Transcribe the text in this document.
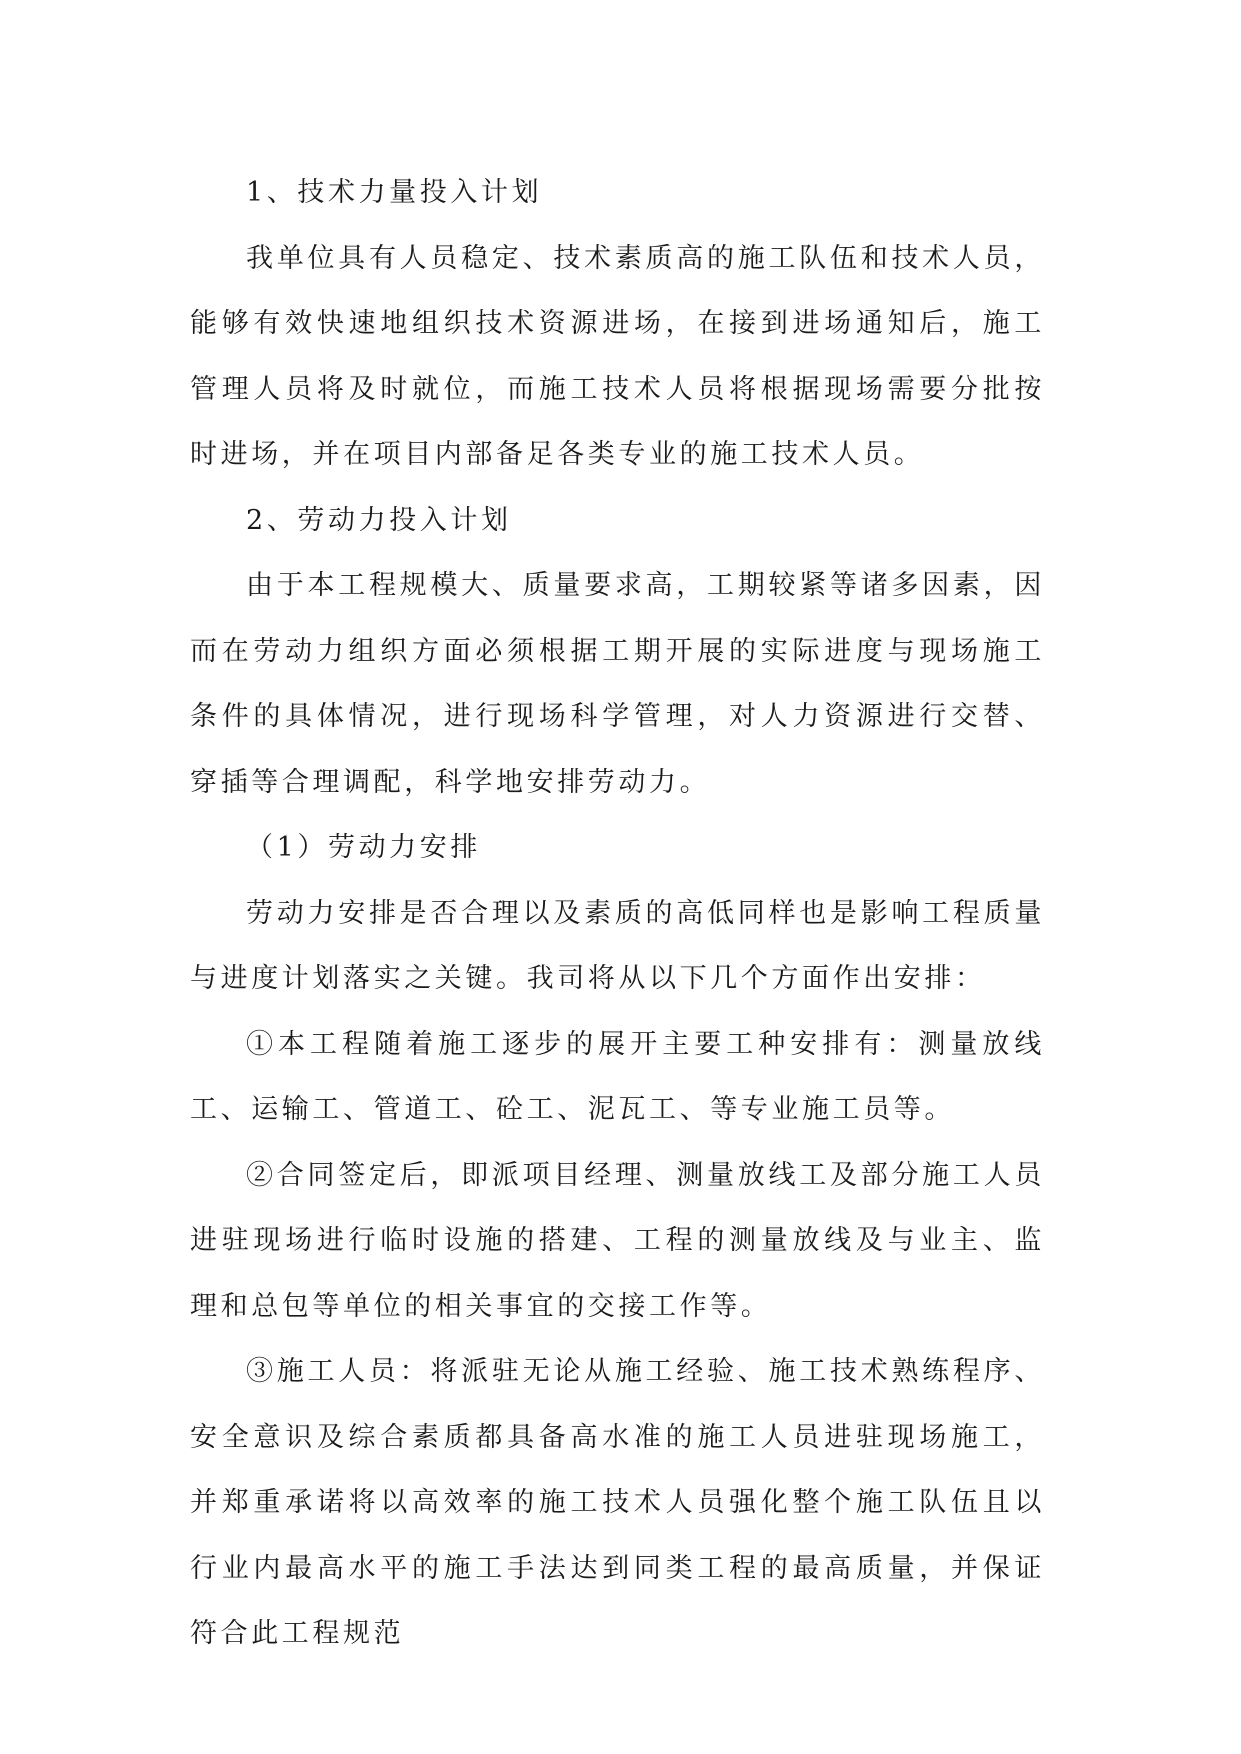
1、技术力量投入计划

我单位具有人员稳定、技术素质高的施工队伍和技术人员，能够有效快速地组织技术资源进场，在接到进场通知后，施工管理人员将及时就位，而施工技术人员将根据现场需要分批按时进场，并在项目内部备足各类专业的施工技术人员。

2、劳动力投入计划

由于本工程规模大、质量要求高，工期较紧等诸多因素，因而在劳动力组织方面必须根据工期开展的实际进度与现场施工条件的具体情况，进行现场科学管理，对人力资源进行交替、穿插等合理调配，科学地安排劳动力。

（1）劳动力安排

劳动力安排是否合理以及素质的高低同样也是影响工程质量与进度计划落实之关键。我司将从以下几个方面作出安排：

①本工程随着施工逐步的展开主要工种安排有：测量放线工、运输工、管道工、砼工、泥瓦工、等专业施工员等。

②合同签定后，即派项目经理、测量放线工及部分施工人员进驻现场进行临时设施的搭建、工程的测量放线及与业主、监理和总包等单位的相关事宜的交接工作等。

③施工人员：将派驻无论从施工经验、施工技术熟练程序、安全意识及综合素质都具备高水准的施工人员进驻现场施工，并郑重承诺将以高效率的施工技术人员强化整个施工队伍且以行业内最高水平的施工手法达到同类工程的最高质量，并保证符合此工程规范
